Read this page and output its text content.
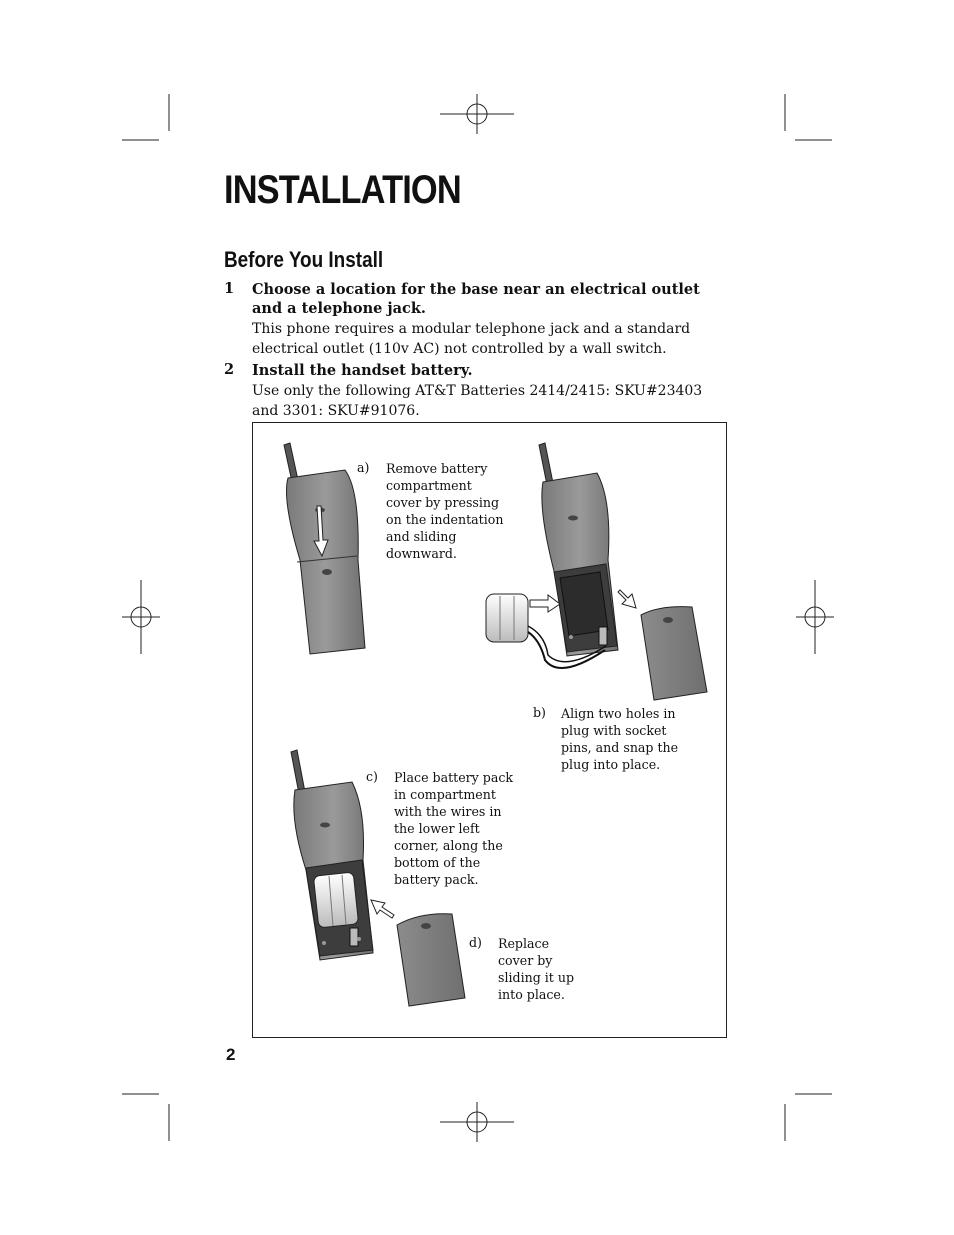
INSTALLATION
Before You Install
1 Choose a location for the base near an electrical outlet and a telephone jack.
This phone requires a modular telephone jack and a standard electrical outlet (110v AC) not controlled by a wall switch.
2 Install the handset battery.
Use only the following AT&T Batteries 2414/2415: SKU#23403 and 3301: SKU#91076.
a) Remove battery compartment cover by pressing on the indentation and sliding downward.
b) Align two holes in plug with socket pins, and snap the plug into place.
c) Place battery pack in compartment with the wires in the lower left corner, along the bottom of the battery pack.
d) Replace cover by sliding it up into place.
2
